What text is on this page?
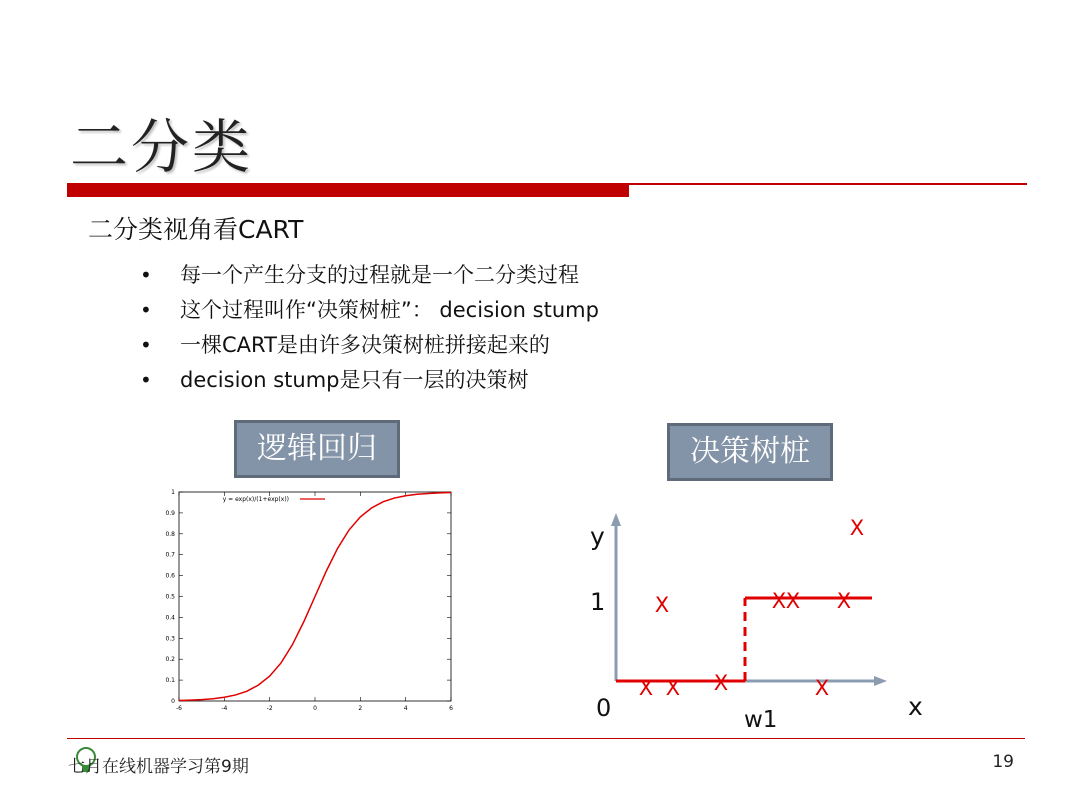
二分类
二分类视角看CART
• 每一个产生分支的过程就是一个二分类过程
• 这个过程叫作“决策树桩”： decision stump
• 一棵CART是由许多决策树桩拼接起来的
• decision stump是只有一层的决策树
逻辑回归	决策树桩
0
0.1
0.2
0.3
0.4
0.5
0.6
0.7
0.8
0.9
1
-6	-4	-2	0	2	4	6
y = exp(x)/(1+exp(x))
y
1
0	w1	x
X
X	X X X
X X X	X
七月在线机器学习第9期	19
